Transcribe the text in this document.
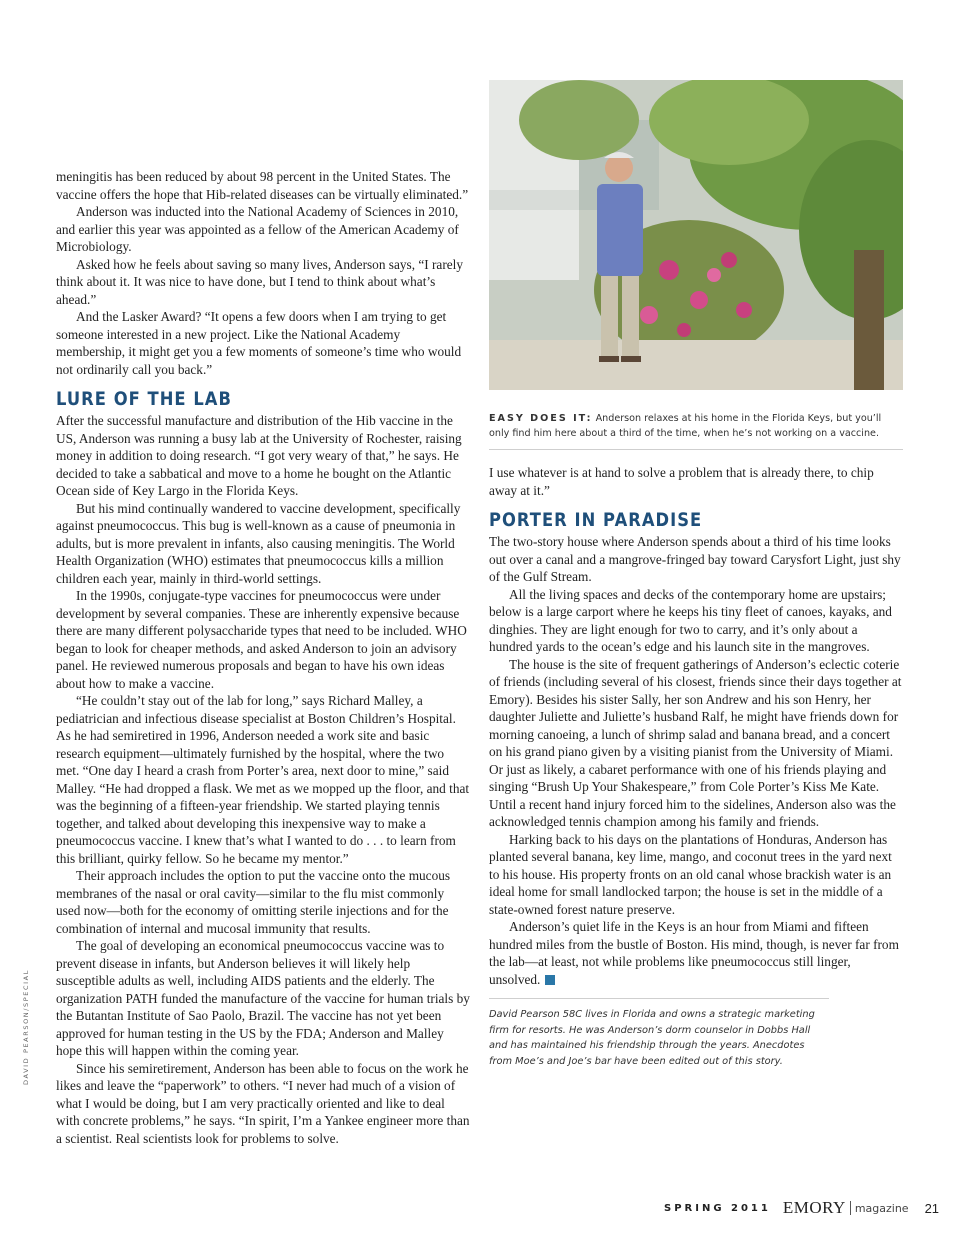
meningitis has been reduced by about 98 percent in the United States. The vaccine offers the hope that Hib-related diseases can be virtually eliminated.”

Anderson was inducted into the National Academy of Sciences in 2010, and earlier this year was appointed as a fellow of the American Academy of Microbiology.

Asked how he feels about saving so many lives, Anderson says, “I rarely think about it. It was nice to have done, but I tend to think about what’s ahead.”

And the Lasker Award? “It opens a few doors when I am trying to get someone interested in a new project. Like the National Academy membership, it might get you a few moments of someone’s time who would not ordinarily call you back.”

LURE OF THE LAB

After the successful manufacture and distribution of the Hib vaccine in the US, Anderson was running a busy lab at the University of Rochester, raising money in addition to doing research. “I got very weary of that,” he says. He decided to take a sabbatical and move to a home he bought on the Atlantic Ocean side of Key Largo in the Florida Keys.

But his mind continually wandered to vaccine development, specifically against pneumococcus. This bug is well-known as a cause of pneumonia in adults, but is more prevalent in infants, also causing meningitis. The World Health Organization (WHO) estimates that pneumococcus kills a million children each year, mainly in third-world settings.

In the 1990s, conjugate-type vaccines for pneumococcus were under development by several companies. These are inherently expensive because there are many different polysaccharide types that need to be included. WHO began to look for cheaper methods, and asked Anderson to join an advisory panel. He reviewed numerous proposals and began to have his own ideas about how to make a vaccine.

“He couldn’t stay out of the lab for long,” says Richard Malley, a pediatrician and infectious disease specialist at Boston Children’s Hospital. As he had semiretired in 1996, Anderson needed a work site and basic research equipment—ultimately furnished by the hospital, where the two met. “One day I heard a crash from Porter’s area, next door to mine,” said Malley. “He had dropped a flask. We met as we mopped up the floor, and that was the beginning of a fifteen-year friendship. We started playing tennis together, and talked about developing this inexpensive way to make a pneumococcus vaccine. I knew that’s what I wanted to do . . . to learn from this brilliant, quirky fellow. So he became my mentor.”

Their approach includes the option to put the vaccine onto the mucous membranes of the nasal or oral cavity—similar to the flu mist commonly used now—both for the economy of omitting sterile injections and for the combination of internal and mucosal immunity that results.

The goal of developing an economical pneumococcus vaccine was to prevent disease in infants, but Anderson believes it will likely help susceptible adults as well, including AIDS patients and the elderly. The organization PATH funded the manufacture of the vaccine for human trials by the Butantan Institute of Sao Paolo, Brazil. The vaccine has not yet been approved for human testing in the US by the FDA; Anderson and Malley hope this will happen within the coming year.

Since his semiretirement, Anderson has been able to focus on the work he likes and leave the “paperwork” to others. “I never had much of a vision of what I would be doing, but I am very practically oriented and like to deal with concrete problems,” he says. “In spirit, I’m a Yankee engineer more than a scientist. Real scientists look for problems to solve.

DAVID PEARSON/SPECIAL
EASY DOES IT: Anderson relaxes at his home in the Florida Keys, but you’ll only find him here about a third of the time, when he’s not working on a vaccine.

I use whatever is at hand to solve a problem that is already there, to chip away at it.”

PORTER IN PARADISE

The two-story house where Anderson spends about a third of his time looks out over a canal and a mangrove-fringed bay toward Carysfort Light, just shy of the Gulf Stream.

All the living spaces and decks of the contemporary home are upstairs; below is a large carport where he keeps his tiny fleet of canoes, kayaks, and dinghies. They are light enough for two to carry, and it’s only about a hundred yards to the ocean’s edge and his launch site in the mangroves.

The house is the site of frequent gatherings of Anderson’s eclectic coterie of friends (including several of his closest, friends since their days together at Emory). Besides his sister Sally, her son Andrew and his son Henry, her daughter Juliette and Juliette’s husband Ralf, he might have friends down for morning canoeing, a lunch of shrimp salad and banana bread, and a concert on his grand piano given by a visiting pianist from the University of Miami. Or just as likely, a cabaret performance with one of his friends playing and singing “Brush Up Your Shakespeare,” from Cole Porter’s Kiss Me Kate. Until a recent hand injury forced him to the sidelines, Anderson also was the acknowledged tennis champion among his family and friends.

Harking back to his days on the plantations of Honduras, Anderson has planted several banana, key lime, mango, and coconut trees in the yard next to his house. His property fronts on an old canal whose brackish water is an ideal home for small landlocked tarpon; the house is set in the middle of a state-owned forest nature preserve.

Anderson’s quiet life in the Keys is an hour from Miami and fifteen hundred miles from the bustle of Boston. His mind, though, is never far from the lab—at least, not while problems like pneumococcus still linger, unsolved.

David Pearson 58C lives in Florida and owns a strategic marketing firm for resorts. He was Anderson’s dorm counselor in Dobbs Hall and has maintained his friendship through the years. Anecdotes from Moe’s and Joe’s bar have been edited out of this story.
SPRING 2011 EMORY magazine 21
